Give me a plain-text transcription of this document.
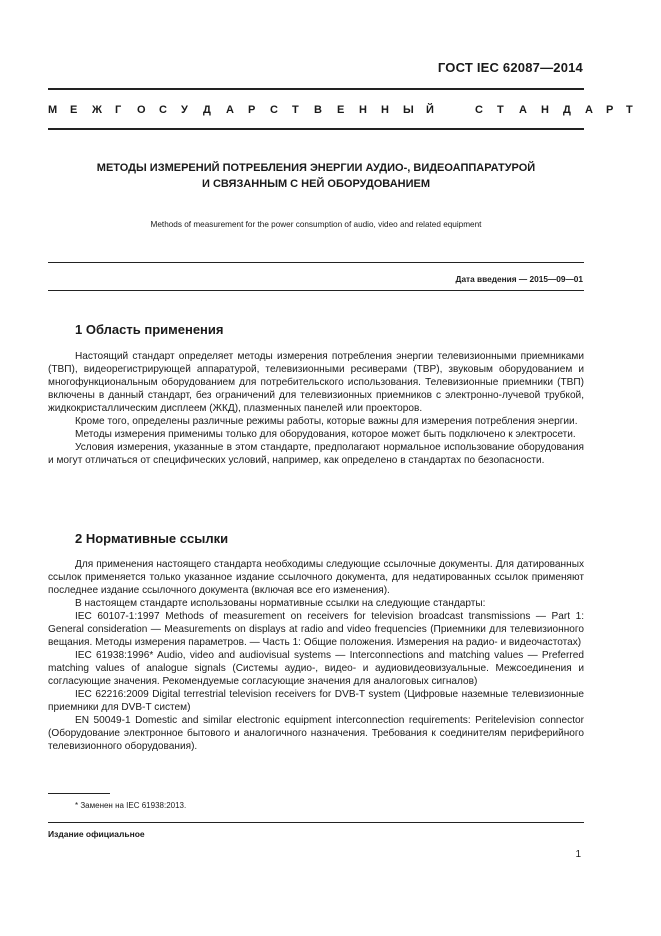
ГОСТ IEC 62087—2014
М Е Ж Г О С У Д А Р С Т В Е Н Н Ы Й	С Т А Н Д А Р Т
МЕТОДЫ ИЗМЕРЕНИЙ ПОТРЕБЛЕНИЯ ЭНЕРГИИ АУДИО-, ВИДЕОАППАРАТУРОЙ
И СВЯЗАННЫМ С НЕЙ ОБОРУДОВАНИЕМ
Methods of measurement for the power consumption of audio, video and related equipment
Дата введения — 2015—09—01
1 Область применения

Настоящий стандарт определяет методы измерения потребления энергии телевизионными приемниками (ТВП), видеорегистрирующей аппаратурой, телевизионными ресиверами (ТВР), звуковым оборудованием и многофункциональным оборудованием для потребительского использования. Телевизионные приемники (ТВП) включены в данный стандарт, без ограничений для телевизионных приемников с электронно-лучевой трубкой, жидкокристаллическим дисплеем (ЖКД), плазменных панелей или проекторов.

Кроме того, определены различные режимы работы, которые важны для измерения потребления энергии.

Методы измерения применимы только для оборудования, которое может быть подключено к электросети.

Условия измерения, указанные в этом стандарте, предполагают нормальное использование оборудования и могут отличаться от специфических условий, например, как определено в стандартах по безопасности.

2 Нормативные ссылки

Для применения настоящего стандарта необходимы следующие ссылочные документы. Для датированных ссылок применяется только указанное издание ссылочного документа, для недатированных ссылок применяют последнее издание ссылочного документа (включая все его изменения).

В настоящем стандарте использованы нормативные ссылки на следующие стандарты:

IEC 60107-1:1997 Methods of measurement on receivers for television broadcast transmissions — Part 1: General consideration — Measurements on displays at radio and video frequencies (Приемники для телевизионного вещания. Методы измерения параметров. — Часть 1: Общие положения. Измерения на радио- и видеочастотах)

IEC 61938:1996* Audio, video and audiovisual systems — Interconnections and matching values — Preferred matching values of analogue signals (Системы аудио-, видео- и аудиовидеовизуальные. Межсоединения и согласующие значения. Рекомендуемые согласующие значения для аналоговых сигналов)

IEC 62216:2009 Digital terrestrial television receivers for DVB-T system (Цифровые наземные телевизионные приемники для DVB-T систем)

EN 50049-1 Domestic and similar electronic equipment interconnection requirements: Peritelevision connector (Оборудование электронное бытового и аналогичного назначения. Требования к соединителям периферийного телевизионного оборудования).

* Заменен на IEC 61938:2013.
Издание официальное
1
